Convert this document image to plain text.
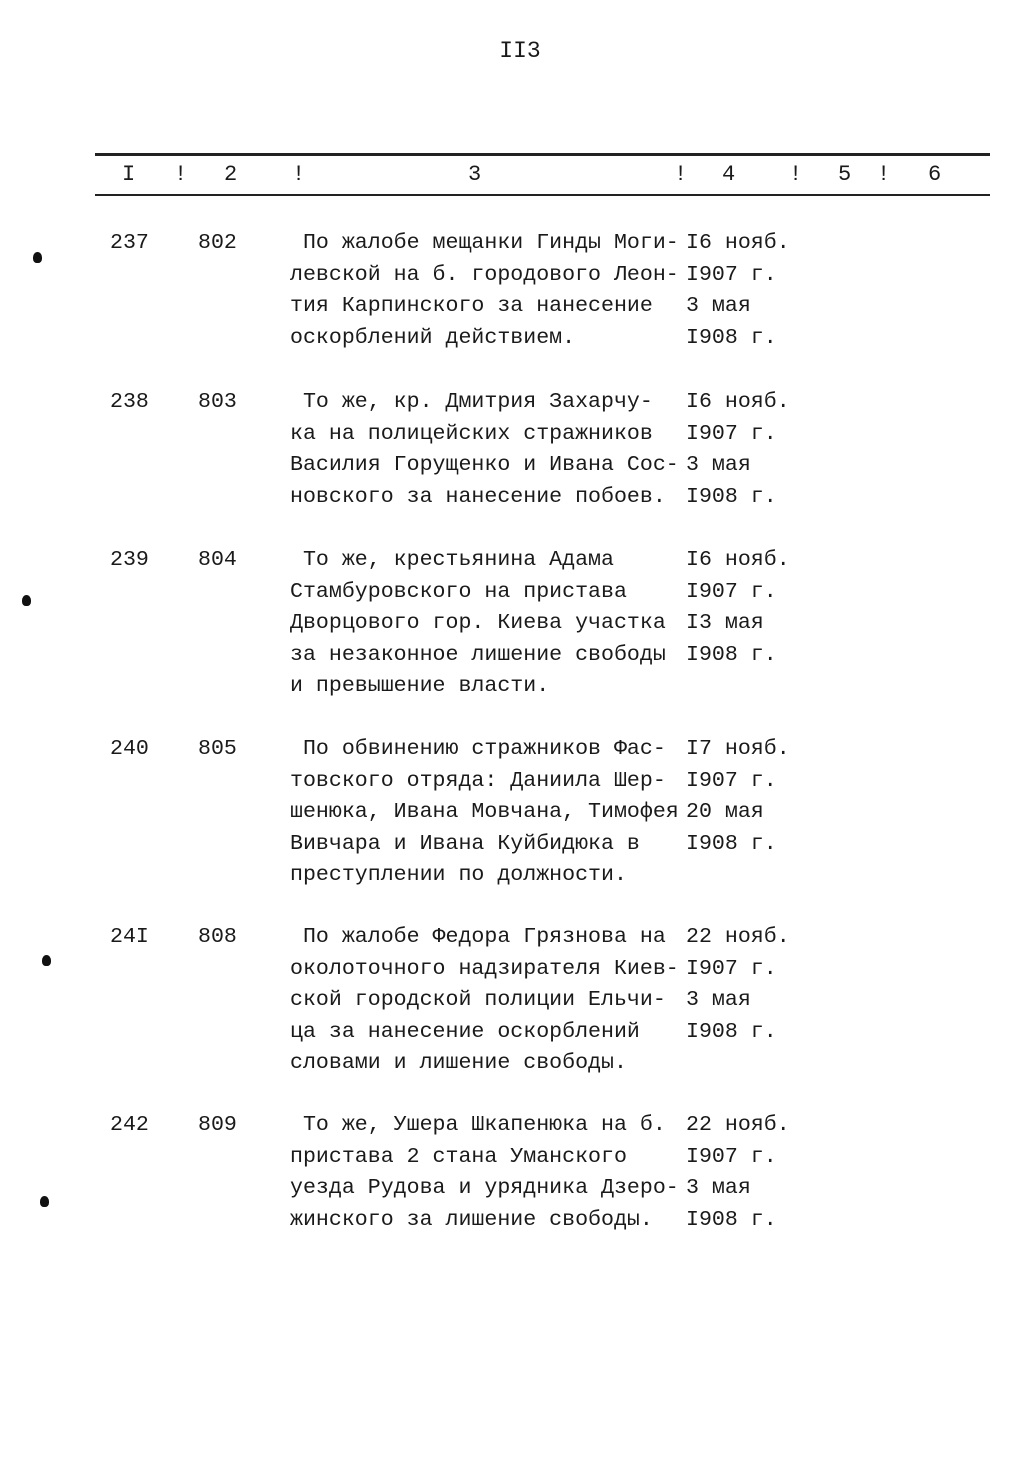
II3
I ! 2 !	3	! 4 ! 5 ! 6
237 802 По жалобе мещанки Гинды Моги-
левской на б. городового Леон-
тия Карпинского за нанесение
оскорблений действием.
I6 нояб.
I907 г.
3 мая
I908 г.
238 803 То же, кр. Дмитрия Захарчу-
ка на полицейских стражников
Василия Горущенко и Ивана Сос-
новского за нанесение побоев.
I6 нояб.
I907 г.
3 мая
I908 г.
239 804 То же, крестьянина Адама
Стамбуровского на пристава
Дворцового гор. Киева участка
за незаконное лишение свободы
и превышение власти.
I6 нояб.
I907 г.
I3 мая
I908 г.
240 805 По обвинению стражников Фас-
товского отряда: Даниила Шер-
шенюка, Ивана Мовчана, Тимофея
Вивчара и Ивана Куйбидюка в
преступлении по должности.
I7 нояб.
I907 г.
20 мая
I908 г.
24I 808 По жалобе Федора Грязнова на
околоточного надзирателя Киев-
ской городской полиции Ельчи-
ца за нанесение оскорблений
словами и лишение свободы.
22 нояб.
I907 г.
3 мая
I908 г.
242 809 То же, Ушера Шкапенюка на б.
пристава 2 стана Уманского
уезда Рудова и урядника Дзеро-
жинского за лишение свободы.
22 нояб.
I907 г.
3 мая
I908 г.
